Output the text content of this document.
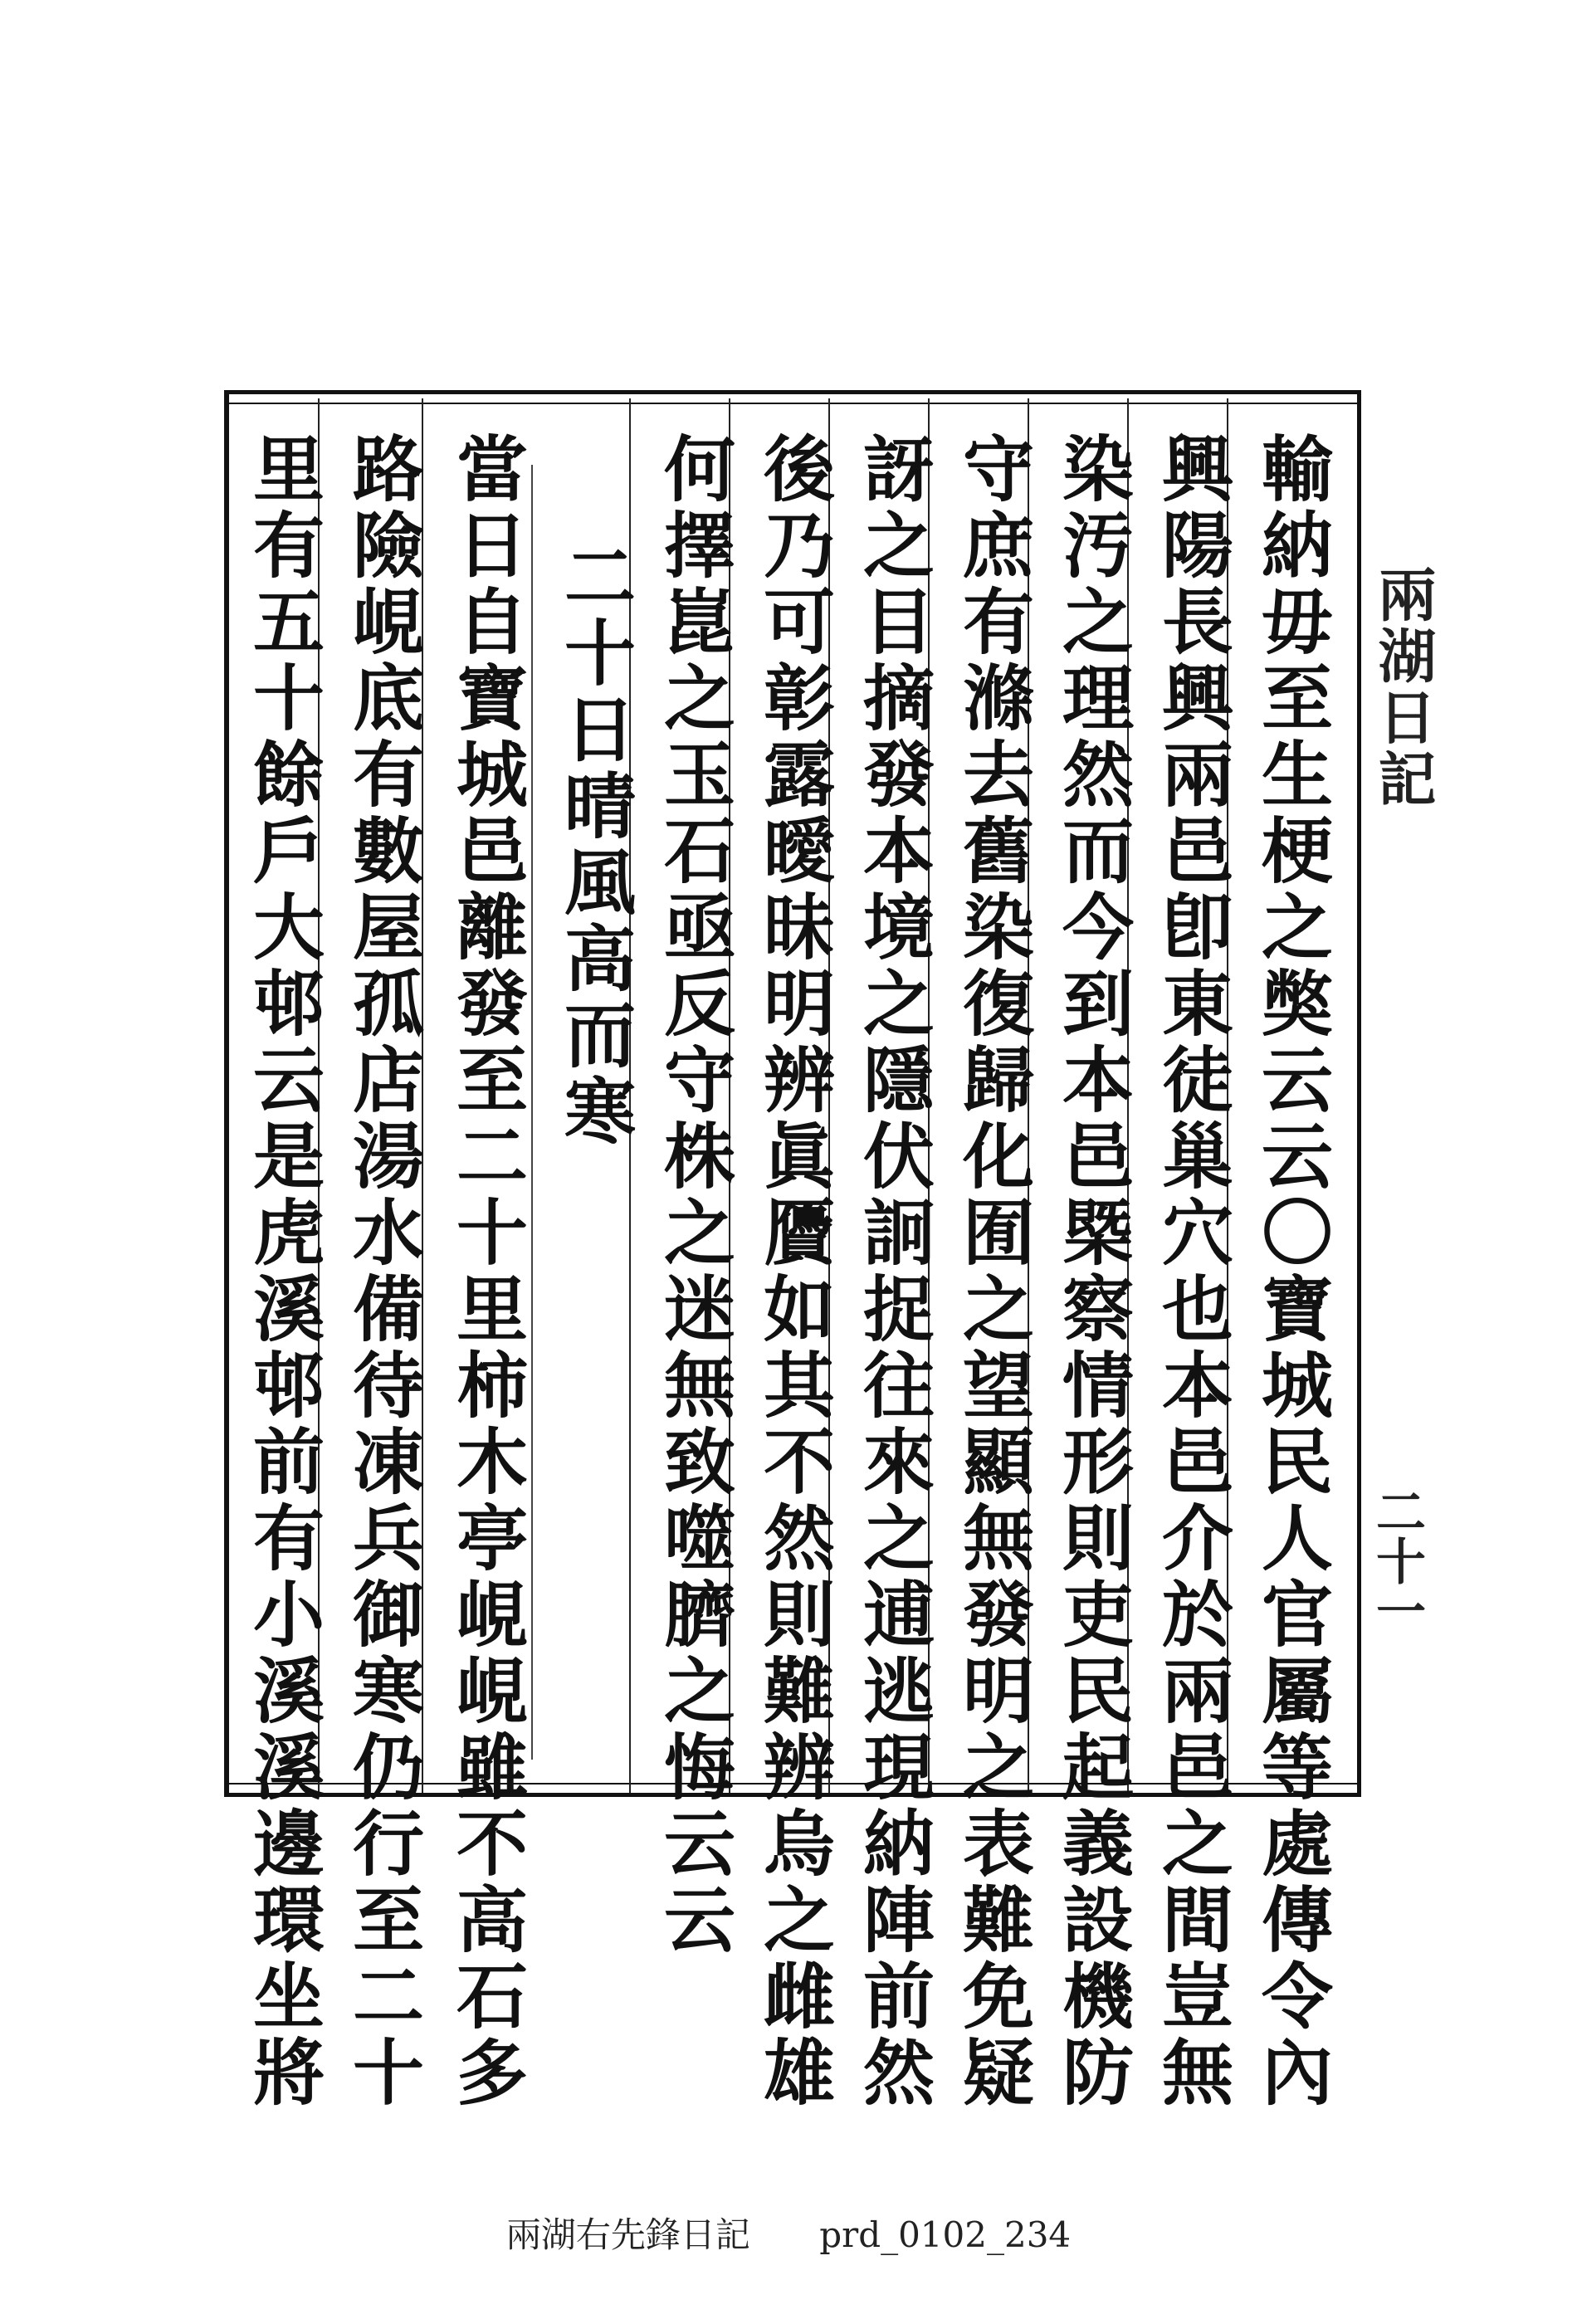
兩湖日記
二十一
輸納毋至生梗之獘云云〇寶城民人官屬等處傳令內
興陽長興兩邑卽東徒巢穴也本邑介於兩邑之間豈無
染汚之理然而今到本邑槩察情形則吏民起義設機防
守庶有滌去舊染復歸化囿之望顯無發明之表難免疑
訝之目摘發本境之隱伏詗捉往來之逋逃現納陣前然
後乃可彰露曖昧明辨眞贗如其不然則難辨烏之雌雄
何擇崑之玉石亟反守株之迷無致噬臍之悔云云
二十日晴風高而寒
當日自寶城邑離發至二十里柿木亭峴峴雖不高石多
路險峴底有數屋孤店湯水備待凍兵御寒仍行至二十
里有五十餘戶大邨云是虎溪邨前有小溪溪邊環坐將
兩湖右先鋒日記 prd_0102_234
